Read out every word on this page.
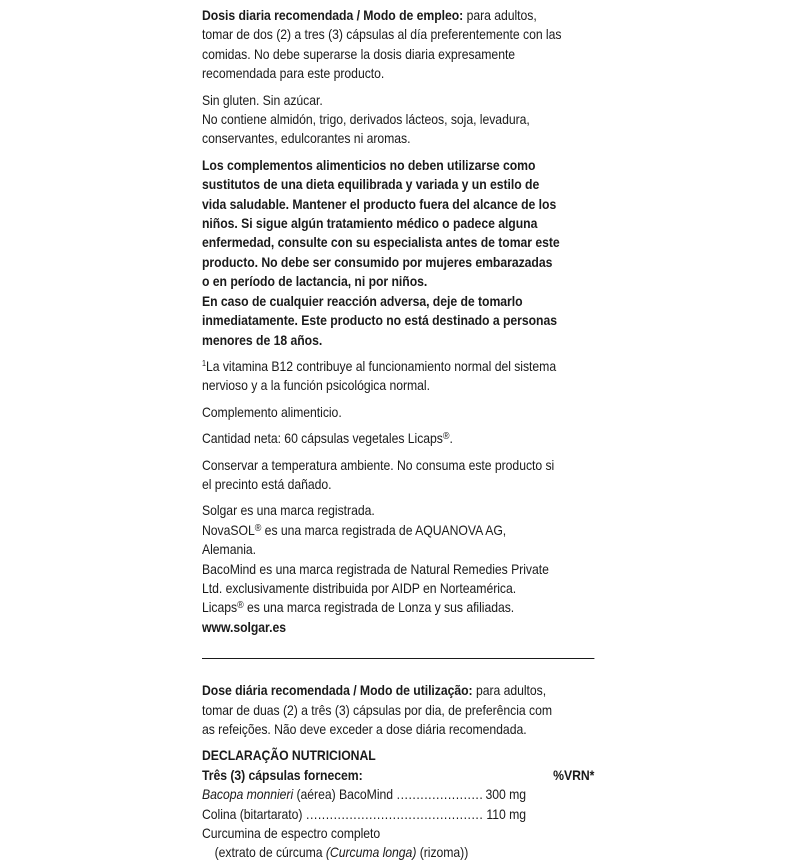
Dosis diaria recomendada / Modo de empleo: para adultos, tomar de dos (2) a tres (3) cápsulas al día preferentemente con las comidas. No debe superarse la dosis diaria expresamente recomendada para este producto.

Sin gluten. Sin azúcar.

No contiene almidón, trigo, derivados lácteos, soja, levadura, conservantes, edulcorantes ni aromas.

Los complementos alimenticios no deben utilizarse como sustitutos de una dieta equilibrada y variada y un estilo de vida saludable. Mantener el producto fuera del alcance de los niños. Si sigue algún tratamiento médico o padece alguna enfermedad, consulte con su especialista antes de tomar este producto. No debe ser consumido por mujeres embarazadas o en período de lactancia, ni por niños.

En caso de cualquier reacción adversa, deje de tomarlo inmediatamente. Este producto no está destinado a personas menores de 18 años.

$^1$La vitamina B12 contribuye al funcionamiento normal del sistema nervioso y a la función psicológica normal.

Complemento alimenticio.

Cantidad neta: 60 cápsulas vegetales Licaps®.

Conservar a temperatura ambiente. No consuma este producto si el precinto está dañado.

Solgar es una marca registrada.

NovaSOL® es una marca registrada de AQUANOVA AG, Alemania.

BacoMind es una marca registrada de Natural Remedies Private Ltd. exclusivamente distribuida por AIDP en Norteamérica.

Licaps® es una marca registrada de Lonza y sus afiliadas.

www.solgar.es

Dose diária recomendada / Modo de utilização: para adultos, tomar de duas (2) a três (3) cápsulas por dia, de preferência com as refeições. Não deve exceder a dose diária recomendada.

DECLARAÇÃO NUTRICIONAL
Três (3) cápsulas fornecem:	%VRN*
Bacopa monnieri (aérea) BacoMind .....	300 mg
Colina (bitartarato) .....	110 mg
Curcumina de espectro completo
(extrato de cúrcuma (Curcuma longa) (rizoma))
